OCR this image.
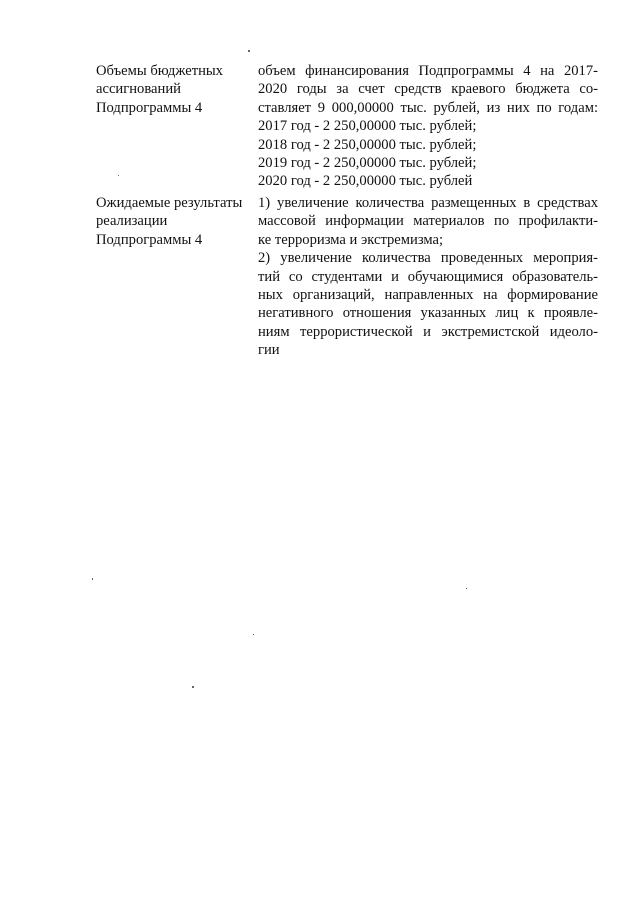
Объемы бюджетных
ассигнований
Подпрограммы 4
объем финансирования Подпрограммы 4 на 2017-
2020 годы за счет средств краевого бюджета со-
ставляет 9 000,00000 тыс. рублей, из них по годам:
2017 год - 2 250,00000 тыс. рублей;
2018 год - 2 250,00000 тыс. рублей;
2019 год - 2 250,00000 тыс. рублей;
2020 год - 2 250,00000 тыс. рублей
Ожидаемые результаты
реализации
Подпрограммы 4
1) увеличение количества размещенных в средствах
массовой информации материалов по профилакти-
ке терроризма и экстремизма;
2) увеличение количества проведенных мероприя-
тий со студентами и обучающимися образователь-
ных организаций, направленных на формирование
негативного отношения указанных лиц к проявле-
ниям террористической и экстремистской идеоло-
гии
